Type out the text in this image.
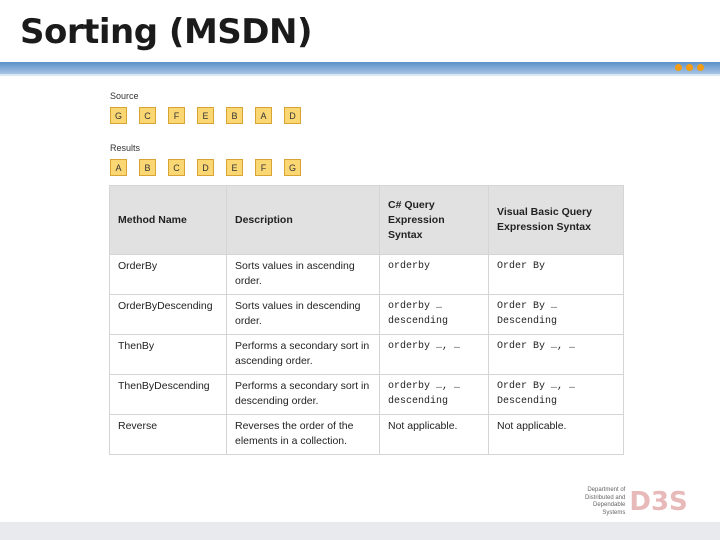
Sorting (MSDN)
Source
G	C	F	E	B	A	D
Results
A	B	C	D	E	F	G
Method Name	Description	C# Query Expression Syntax	Visual Basic Query Expression Syntax
OrderBy	Sorts values in ascending order.	orderby	Order By
OrderByDescending	Sorts values in descending order.	orderby … descending	Order By … Descending
ThenBy	Performs a secondary sort in ascending order.	orderby …, …	Order By …, …
ThenByDescending	Performs a secondary sort in descending order.	orderby …, … descending	Order By …, … Descending
Reverse	Reverses the order of the elements in a collection.	Not applicable.	Not applicable.
Department of
Distributed and
Dependable
Systems D3S
